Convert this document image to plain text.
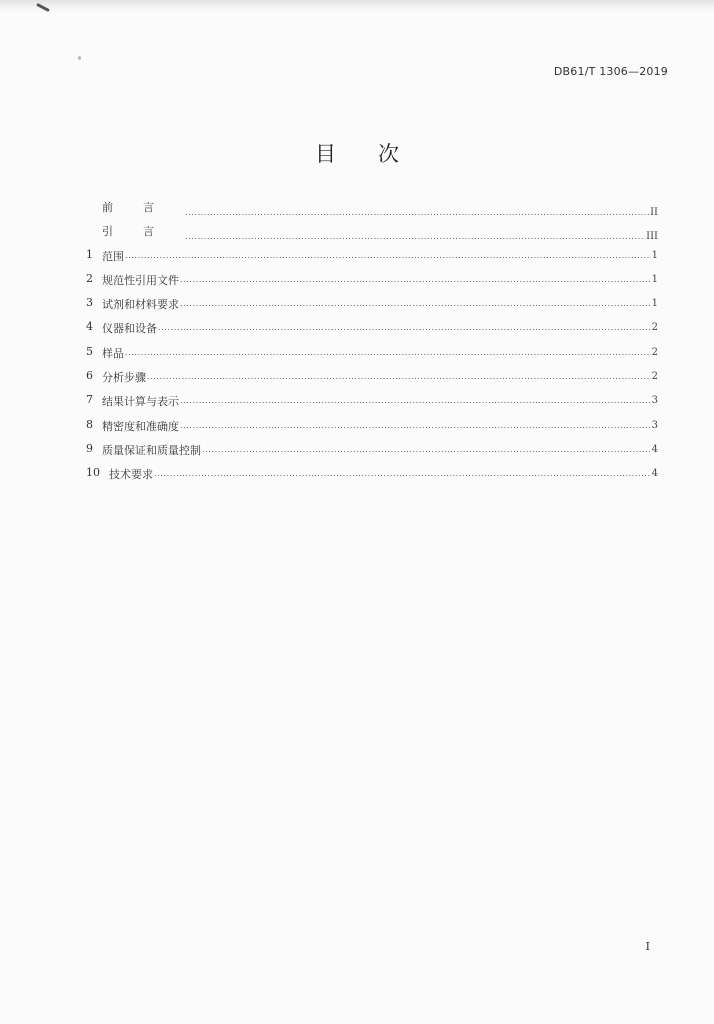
DB61/T 1306—2019
目次
前言 .....	II
引言 .....	III
1 范围 .....	1
2 规范性引用文件 .....	1
3 试剂和材料要求 .....	1
4 仪器和设备 .....	2
5 样品 .....	2
6 分析步骤 .....	2
7 结果计算与表示 .....	3
8 精密度和准确度 .....	3
9 质量保证和质量控制 .....	4
10 技术要求 .....	4
I
